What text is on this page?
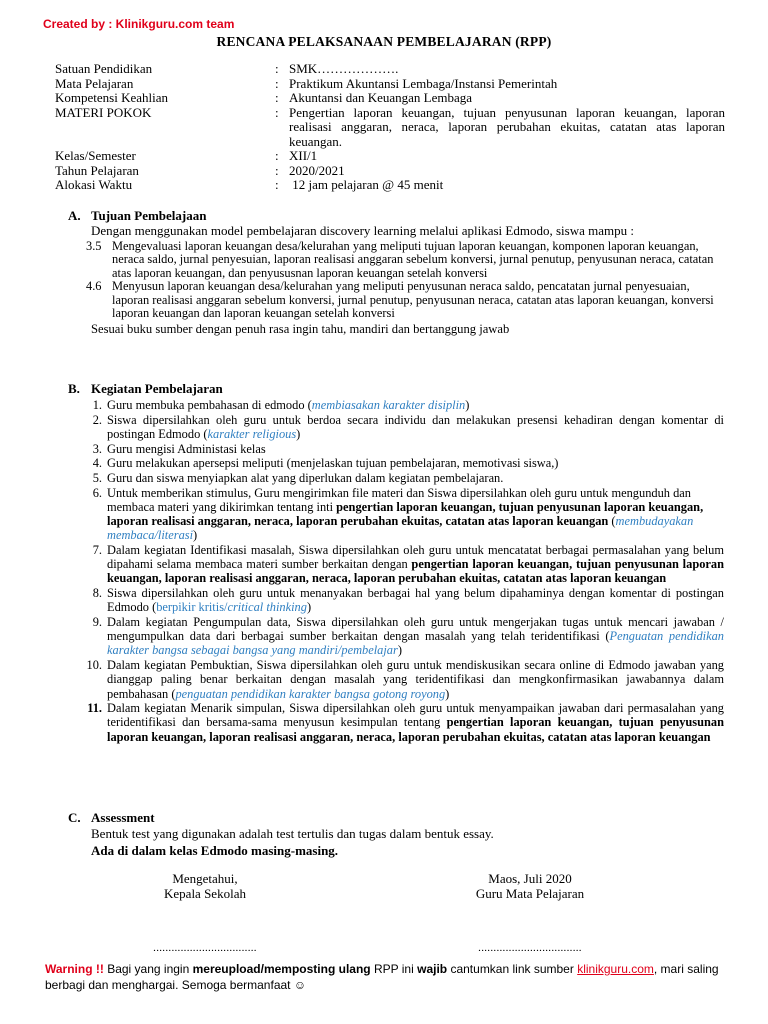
Created by : Klinikguru.com team
RENCANA PELAKSANAAN PEMBELAJARAN (RPP)
Satuan Pendidikan	: SMK……………….
Mata Pelajaran	: Praktikum Akuntansi Lembaga/Instansi Pemerintah
Kompetensi Keahlian	: Akuntansi dan Keuangan Lembaga
MATERI POKOK	: Pengertian laporan keuangan, tujuan penyusunan laporan keuangan, laporan realisasi anggaran, neraca, laporan perubahan ekuitas, catatan atas laporan keuangan.
Kelas/Semester	: XII/1
Tahun Pelajaran	: 2020/2021
Alokasi Waktu	: 12 jam pelajaran @ 45 menit
A. Tujuan Pembelajaan
Dengan menggunakan model pembelajaran discovery learning melalui aplikasi Edmodo, siswa mampu :
3.5 Mengevaluasi laporan keuangan desa/kelurahan yang meliputi tujuan laporan keuangan, komponen laporan keuangan, neraca saldo, jurnal penyesuian, laporan realisasi anggaran sebelum konversi, jurnal penutup, penyusunan neraca, catatan atas laporan keuangan, dan penyususnan laporan keuangan setelah konversi
4.6 Menyusun laporan keuangan desa/kelurahan yang meliputi penyusunan neraca saldo, pencatatan jurnal penyesuaian, laporan realisasi anggaran sebelum konversi, jurnal penutup, penyusunan neraca, catatan atas laporan keuangan, konversi laporan keuangan dan laporan keuangan setelah konversi
Sesuai buku sumber dengan penuh rasa ingin tahu, mandiri dan bertanggung jawab
B. Kegiatan Pembelajaran
1. Guru membuka pembahasan di edmodo (membiasakan karakter disiplin)
2. Siswa dipersilahkan oleh guru untuk berdoa secara individu dan melakukan presensi kehadiran dengan komentar di postingan Edmodo (karakter religious)
3. Guru mengisi Administasi kelas
4. Guru melakukan apersepsi meliputi (menjelaskan tujuan pembelajaran, memotivasi siswa,)
5. Guru dan siswa menyiapkan alat yang diperlukan dalam kegiatan pembelajaran.
6. Untuk memberikan stimulus, Guru mengirimkan file materi dan Siswa dipersilahkan oleh guru untuk mengunduh dan membaca materi yang dikirimkan tentang inti pengertian laporan keuangan, tujuan penyusunan laporan keuangan, laporan realisasi anggaran, neraca, laporan perubahan ekuitas, catatan atas laporan keuangan (membudayakan membaca/literasi)
7. Dalam kegiatan Identifikasi masalah, Siswa dipersilahkan oleh guru untuk mencatatat berbagai permasalahan yang belum dipahami selama membaca materi sumber berkaitan dengan pengertian laporan keuangan, tujuan penyusunan laporan keuangan, laporan realisasi anggaran, neraca, laporan perubahan ekuitas, catatan atas laporan keuangan
8. Siswa dipersilahkan oleh guru untuk menanyakan berbagai hal yang belum dipahaminya dengan komentar di postingan Edmodo (berpikir kritis/critical thinking)
9. Dalam kegiatan Pengumpulan data, Siswa dipersilahkan oleh guru untuk mengerjakan tugas untuk mencari jawaban / mengumpulkan data dari berbagai sumber berkaitan dengan masalah yang telah teridentifikasi (Penguatan pendidikan karakter bangsa sebagai bangsa yang mandiri/pembelajar)
10. Dalam kegiatan Pembuktian, Siswa dipersilahkan oleh guru untuk mendiskusikan secara online di Edmodo jawaban yang dianggap paling benar berkaitan dengan masalah yang teridentifikasi dan mengkonfirmasikan jawabannya dalam pembahasan (penguatan pendidikan karakter bangsa gotong royong)
11. Dalam kegiatan Menarik simpulan, Siswa dipersilahkan oleh guru untuk menyampaikan jawaban dari permasalahan yang teridentifikasi dan bersama-sama menyusun kesimpulan tentang pengertian laporan keuangan, tujuan penyusunan laporan keuangan, laporan realisasi anggaran, neraca, laporan perubahan ekuitas, catatan atas laporan keuangan
C. Assessment
Bentuk test yang digunakan adalah test tertulis dan tugas dalam bentuk essay.
Ada di dalam kelas Edmodo masing-masing.
Mengetahui,
Kepala Sekolah
..................................
Maos, Juli 2020
Guru Mata Pelajaran
..................................
Warning !! Bagi yang ingin mereupload/memposting ulang RPP ini wajib cantumkan link sumber klinikguru.com, mari saling berbagi dan menghargai. Semoga bermanfaat ☺
